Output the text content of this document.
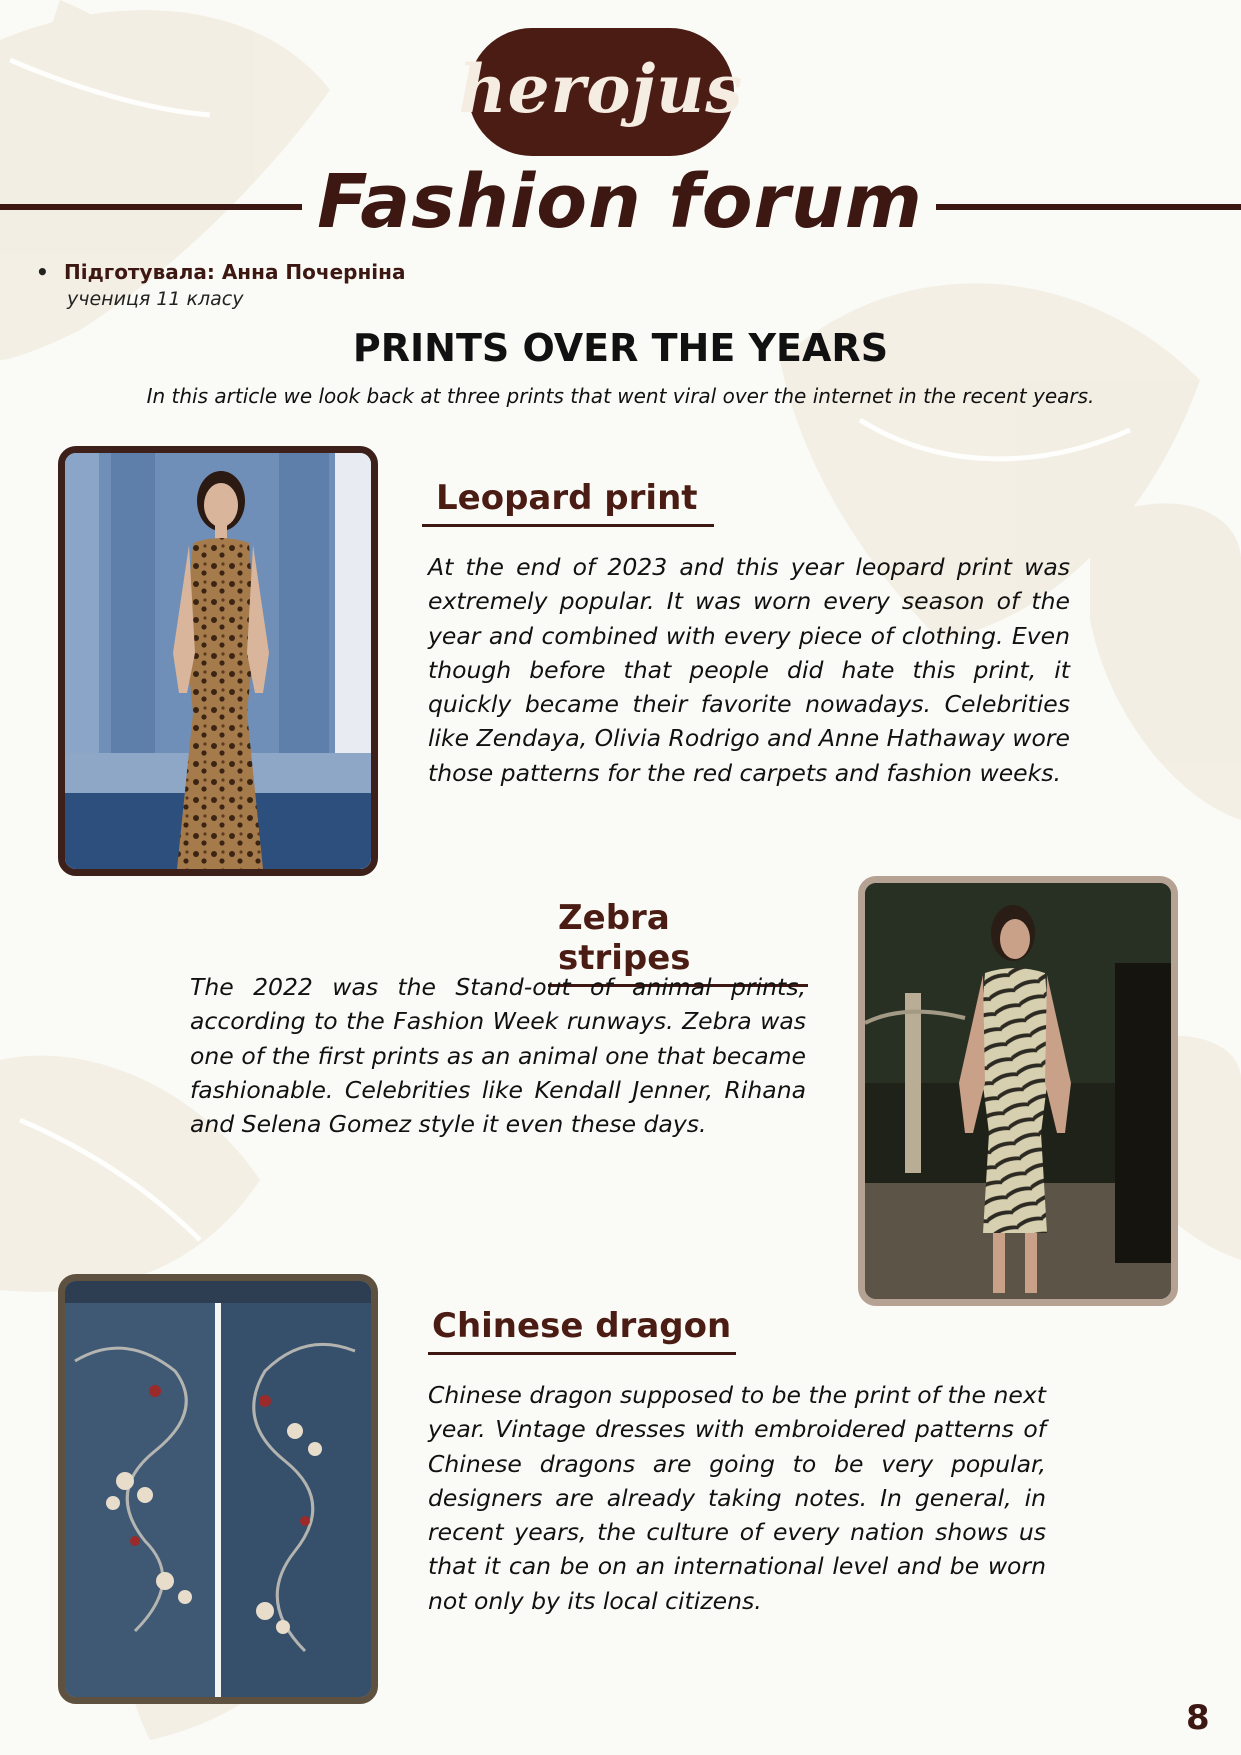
herojus
Fashion forum
• Підготувала: Анна Почерніна
учениця 11 класу
PRINTS OVER THE YEARS
In this article we look back at three prints that went viral over the internet in the recent years.
Leopard print
Zebra stripes
Chinese dragon
At the end of 2023 and this year leopard print was extremely popular. It was worn every season of the year and combined with every piece of clothing. Even though before that people did hate this print, it quickly became their favorite nowadays. Celebrities like Zendaya, Olivia Rodrigo and Anne Hathaway wore those patterns for the red carpets and fashion weeks.
The 2022 was the Stand-out of animal prints, according to the Fashion Week runways. Zebra was one of the first prints as an animal one that became fashionable. Celebrities like Kendall Jenner, Rihana and Selena Gomez style it even these days.
Chinese dragon supposed to be the print of the next year. Vintage dresses with embroidered patterns of Chinese dragons are going to be very popular, designers are already taking notes. In general, in recent years, the culture of every nation shows us that it can be on an international level and be worn not only by its local citizens.
8
